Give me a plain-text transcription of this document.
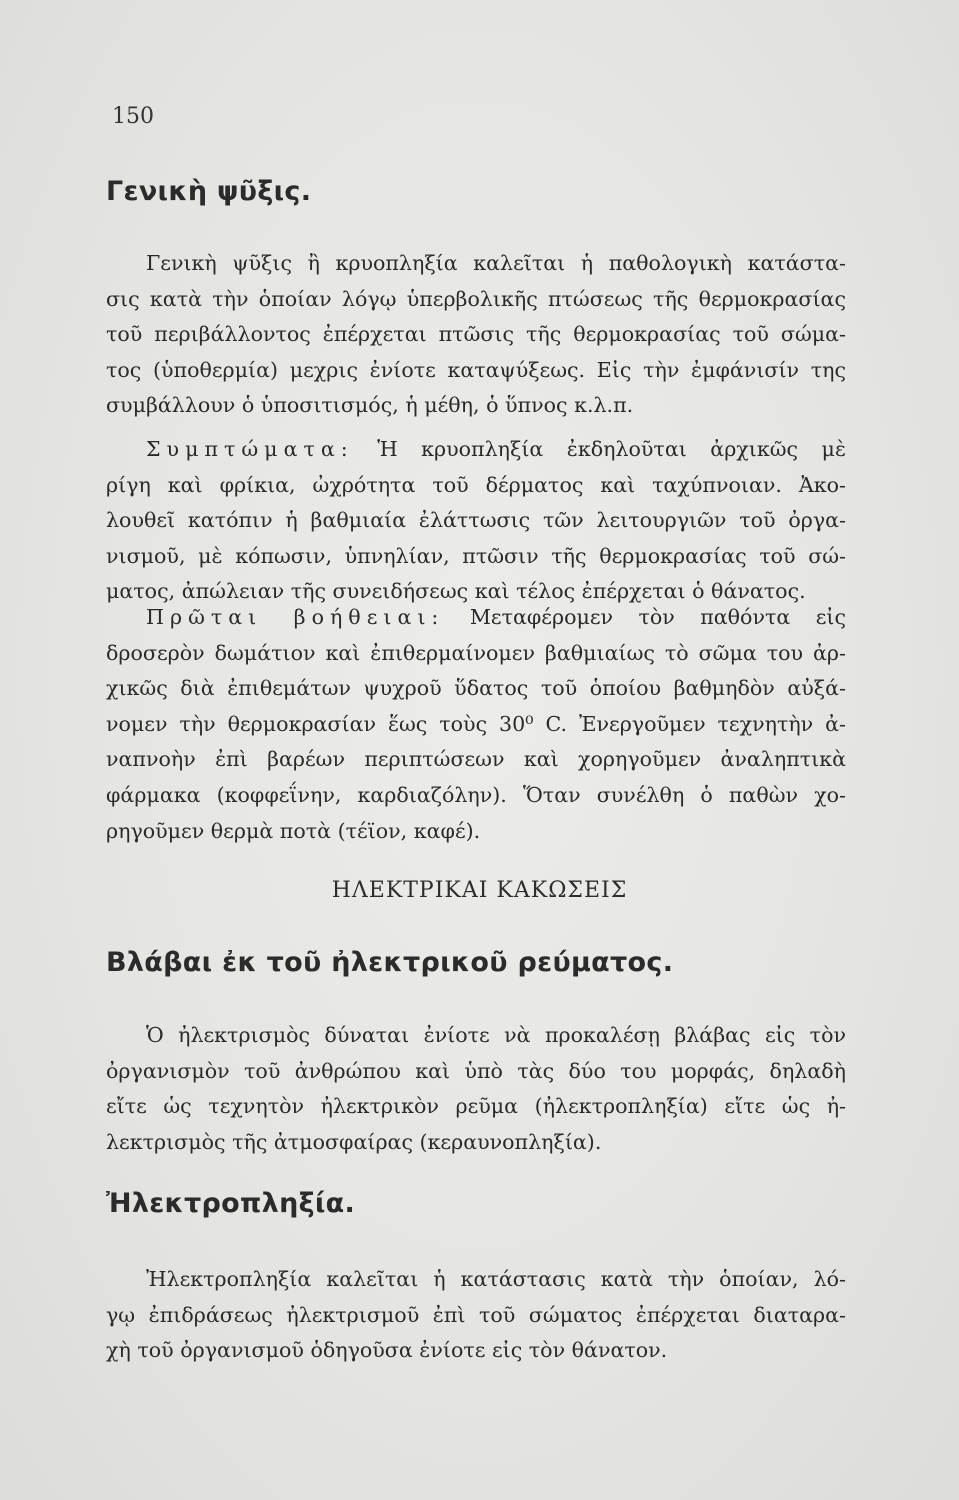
150
Γενικὴ ψῦξις.
Γενικὴ ψῦξις ἢ κρυοπληξία καλεῖται ἡ παθολογικὴ κατάστα-
σις κατὰ τὴν ὁποίαν λόγῳ ὑπερβολικῆς πτώσεως τῆς θερμοκρασίας
τοῦ περιβάλλοντος ἐπέρχεται πτῶσις τῆς θερμοκρασίας τοῦ σώμα-
τος (ὑποθερμία) μεχρις ἐνίοτε καταψύξεως. Εἰς τὴν ἐμφάνισίν της
συμβάλλουν ὁ ὑποσιτισμός, ἡ μέθη, ὁ ὕπνος κ.λ.π.
Συμπτώματα: Ἡ κρυοπληξία ἐκδηλοῦται ἀρχικῶς μὲ
ρίγη καὶ φρίκια, ὠχρότητα τοῦ δέρματος καὶ ταχύπνοιαν. Ἀκο-
λουθεῖ κατόπιν ἡ βαθμιαία ἐλάττωσις τῶν λειτουργιῶν τοῦ ὀργα-
νισμοῦ, μὲ κόπωσιν, ὑπνηλίαν, πτῶσιν τῆς θερμοκρασίας τοῦ σώ-
ματος, ἀπώλειαν τῆς συνειδήσεως καὶ τέλος ἐπέρχεται ὁ θάνατος.
Πρῶται βοήθειαι: Μεταφέρομεν τὸν παθόντα εἰς
δροσερὸν δωμάτιον καὶ ἐπιθερμαίνομεν βαθμιαίως τὸ σῶμα του ἀρ-
χικῶς διὰ ἐπιθεμάτων ψυχροῦ ὕδατος τοῦ ὁποίου βαθμηδὸν αὐξά-
νομεν τὴν θερμοκρασίαν ἕως τοὺς 30⁰ C. Ἐνεργοῦμεν τεχνητὴν ἀ-
ναπνοὴν ἐπὶ βαρέων περιπτώσεων καὶ χορηγοῦμεν ἀναληπτικὰ
φάρμακα (κοφφεΐνην, καρδιαζόλην). Ὅταν συνέλθη ὁ παθὼν χο-
ρηγοῦμεν θερμὰ ποτὰ (τέϊον, καφέ).
ΗΛΕΚΤΡΙΚΑΙ ΚΑΚΩΣΕΙΣ
Βλάβαι ἐκ τοῦ ἠλεκτρικοῦ ρεύματος.
Ὁ ἠλεκτρισμὸς δύναται ἐνίοτε νὰ προκαλέσῃ βλάβας εἰς τὸν
ὀργανισμὸν τοῦ ἀνθρώπου καὶ ὑπὸ τὰς δύο του μορφάς, δηλαδὴ
εἴτε ὡς τεχνητὸν ἠλεκτρικὸν ρεῦμα (ἠλεκτροπληξία) εἴτε ὡς ἠ-
λεκτρισμὸς τῆς ἀτμοσφαίρας (κεραυνοπληξία).
Ἠλεκτροπληξία.
Ἠλεκτροπληξία καλεῖται ἡ κατάστασις κατὰ τὴν ὁποίαν, λό-
γῳ ἐπιδράσεως ἠλεκτρισμοῦ ἐπὶ τοῦ σώματος ἐπέρχεται διαταρα-
χὴ τοῦ ὀργανισμοῦ ὁδηγοῦσα ἐνίοτε εἰς τὸν θάνατον.
